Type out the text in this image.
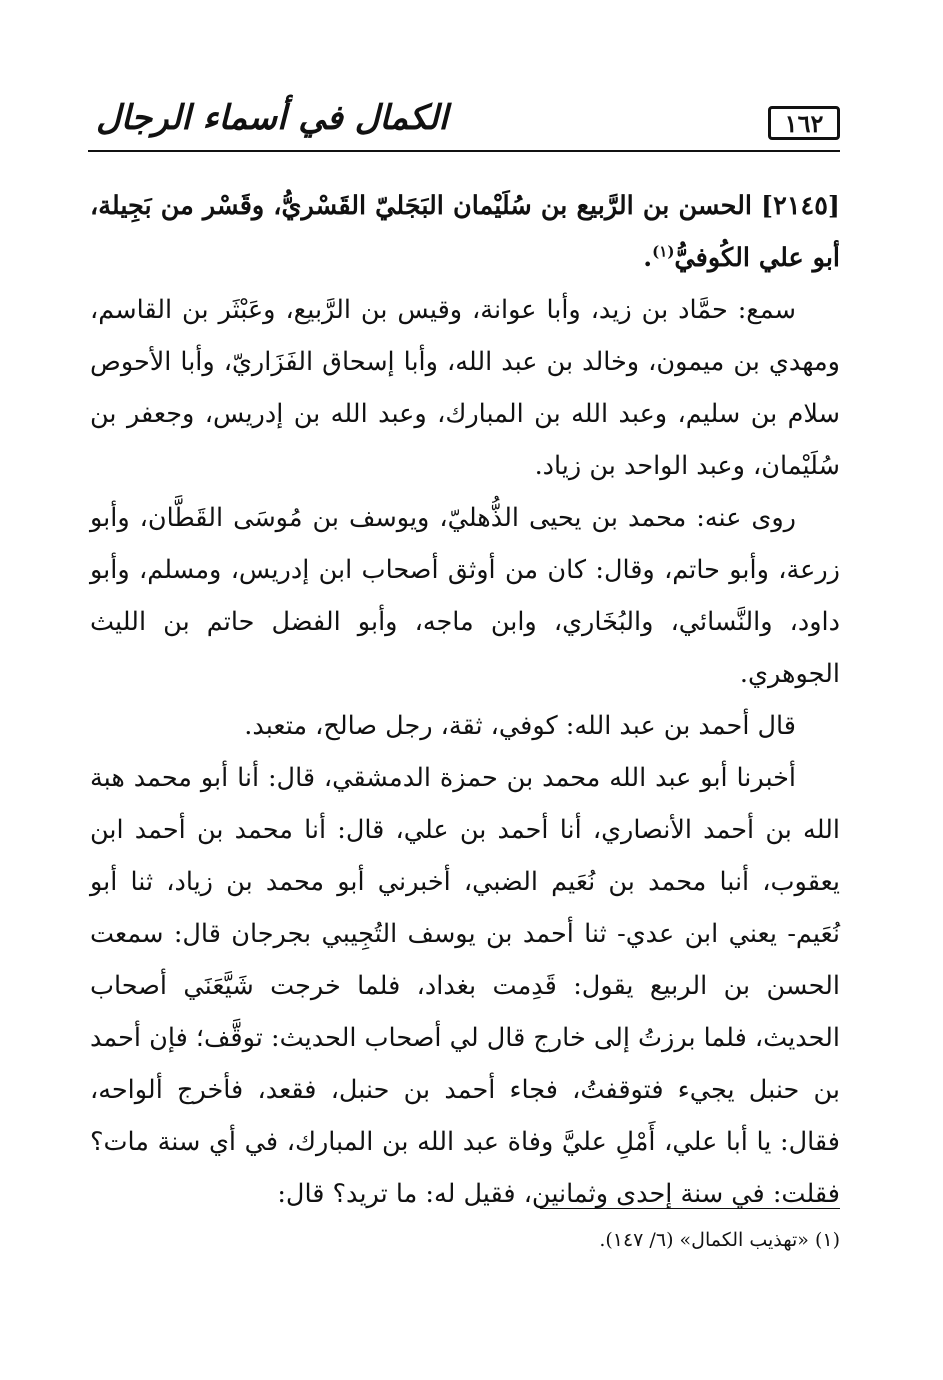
١٦٢
الكمال في أسماء الرجال

[٢١٤٥] الحسن بن الرَّبيع بن سُلَيْمان البَجَليّ القَسْريُّ، وقَسْر من بَجِيلة، أبو علي الكُوفيُّ$^{(١)}$.

سمع: حمَّاد بن زيد، وأبا عوانة، وقيس بن الرَّبيع، وعَبْثَر بن القاسم، ومهدي بن ميمون، وخالد بن عبد الله، وأبا إسحاق الفَزَاريّ، وأبا الأحوص سلام بن سليم، وعبد الله بن المبارك، وعبد الله بن إدريس، وجعفر بن سُلَيْمان، وعبد الواحد بن زياد.

روى عنه: محمد بن يحيى الذُّهليّ، ويوسف بن مُوسَى القَطَّان، وأبو زرعة، وأبو حاتم، وقال: كان من أوثق أصحاب ابن إدريس، ومسلم، وأبو داود، والنَّسائي، والبُخَاري، وابن ماجه، وأبو الفضل حاتم بن الليث الجوهري.

قال أحمد بن عبد الله: كوفي، ثقة، رجل صالح، متعبد.

أخبرنا أبو عبد الله محمد بن حمزة الدمشقي، قال: أنا أبو محمد هبة الله بن أحمد الأنصاري، أنا أحمد بن علي، قال: أنا محمد بن أحمد ابن يعقوب، أنبا محمد بن نُعَيم الضبي، أخبرني أبو محمد بن زياد، ثنا أبو نُعَيم- يعني ابن عدي- ثنا أحمد بن يوسف التُجِيبي بجرجان قال: سمعت الحسن بن الربيع يقول: قَدِمت بغداد، فلما خرجت شَيَّعَنَي أصحاب الحديث، فلما برزتُ إلى خارج قال لي أصحاب الحديث: توقَّف؛ فإن أحمد بن حنبل يجيء فتوقفتُ، فجاء أحمد بن حنبل، فقعد، فأخرج ألواحه، فقال: يا أبا علي، أَمْلِ عليَّ وفاة عبد الله بن المبارك، في أي سنة مات؟ فقلت: في سنة إحدى وثمانين، فقيل له: ما تريد؟ قال:

(١) «تهذيب الكمال» (٦/ ١٤٧).
